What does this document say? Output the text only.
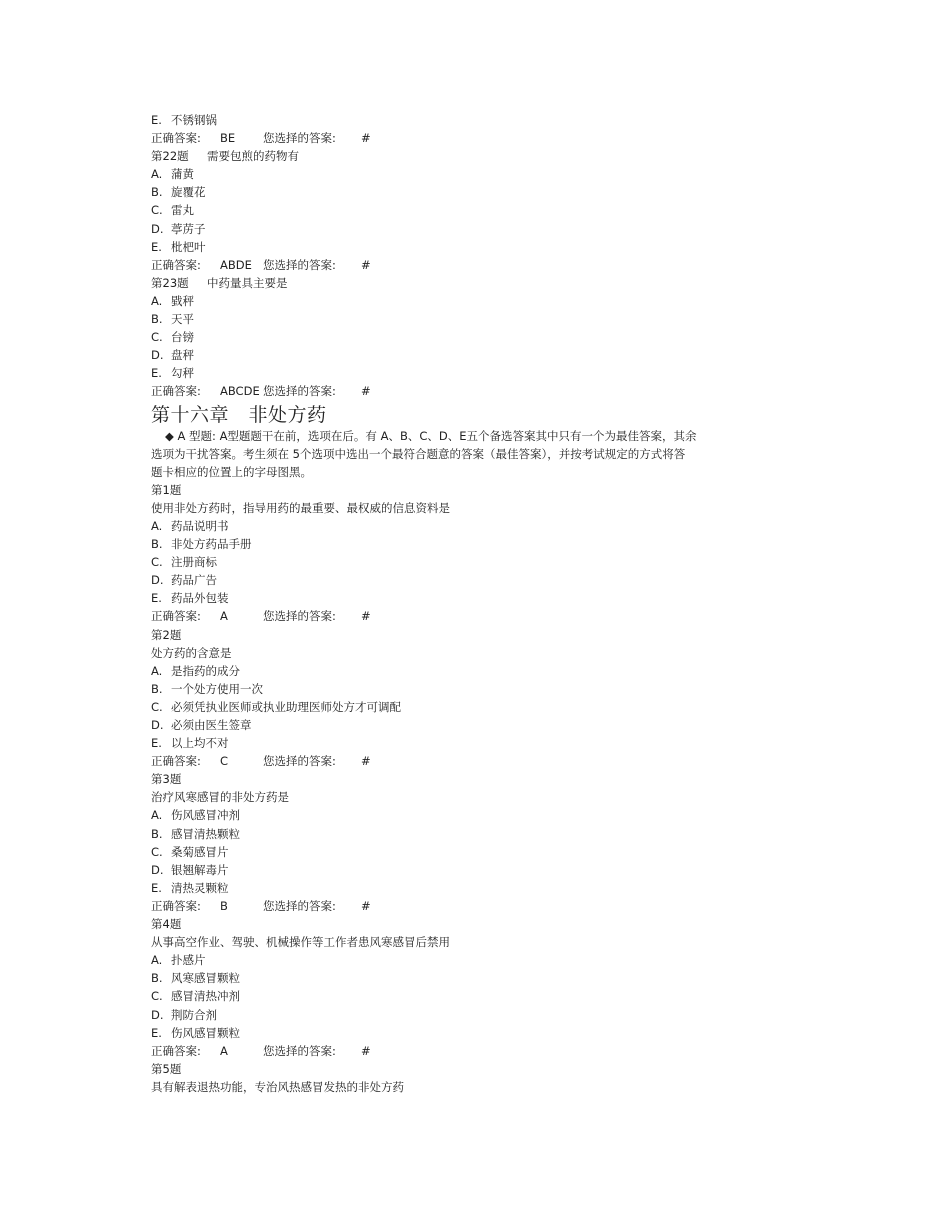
E. 不锈钢锅
正确答案: BE 您选择的答案: #
第22题 需要包煎的药物有
A. 蒲黄
B. 旋覆花
C. 雷丸
D. 葶苈子
E. 枇杷叶
正确答案: ABDE 您选择的答案: #
第23题 中药量具主要是
A. 戥秤
B. 天平
C. 台镑
D. 盘秤
E. 勾秤
正确答案: ABCDE 您选择的答案: #
第十六章　非处方药
◆ A 型题: A型题题干在前，选项在后。有 A、B、C、D、E五个备选答案其中只有一个为最佳答案，其余
选项为干扰答案。考生须在 5个选项中选出一个最符合题意的答案（最佳答案），并按考试规定的方式将答
题卡相应的位置上的字母图黑。
第1题
使用非处方药时，指导用药的最重要、最权威的信息资料是
A. 药品说明书
B. 非处方药品手册
C. 注册商标
D. 药品广告
E. 药品外包装
正确答案: A	您选择的答案: #
第2题
处方药的含意是
A. 是指药的成分
B. 一个处方使用一次
C. 必须凭执业医师或执业助理医师处方才可调配
D. 必须由医生签章
E. 以上均不对
正确答案: C	您选择的答案: #
第3题
治疗风寒感冒的非处方药是
A. 伤风感冒冲剂
B. 感冒清热颗粒
C. 桑菊感冒片
D. 银翘解毒片
E. 清热灵颗粒
正确答案: B	您选择的答案: #
第4题
从事高空作业、驾驶、机械操作等工作者患风寒感冒后禁用
A. 扑感片
B. 风寒感冒颗粒
C. 感冒清热冲剂
D. 荆防合剂
E. 伤风感冒颗粒
正确答案: A	您选择的答案: #
第5题
具有解表退热功能，专治风热感冒发热的非处方药
